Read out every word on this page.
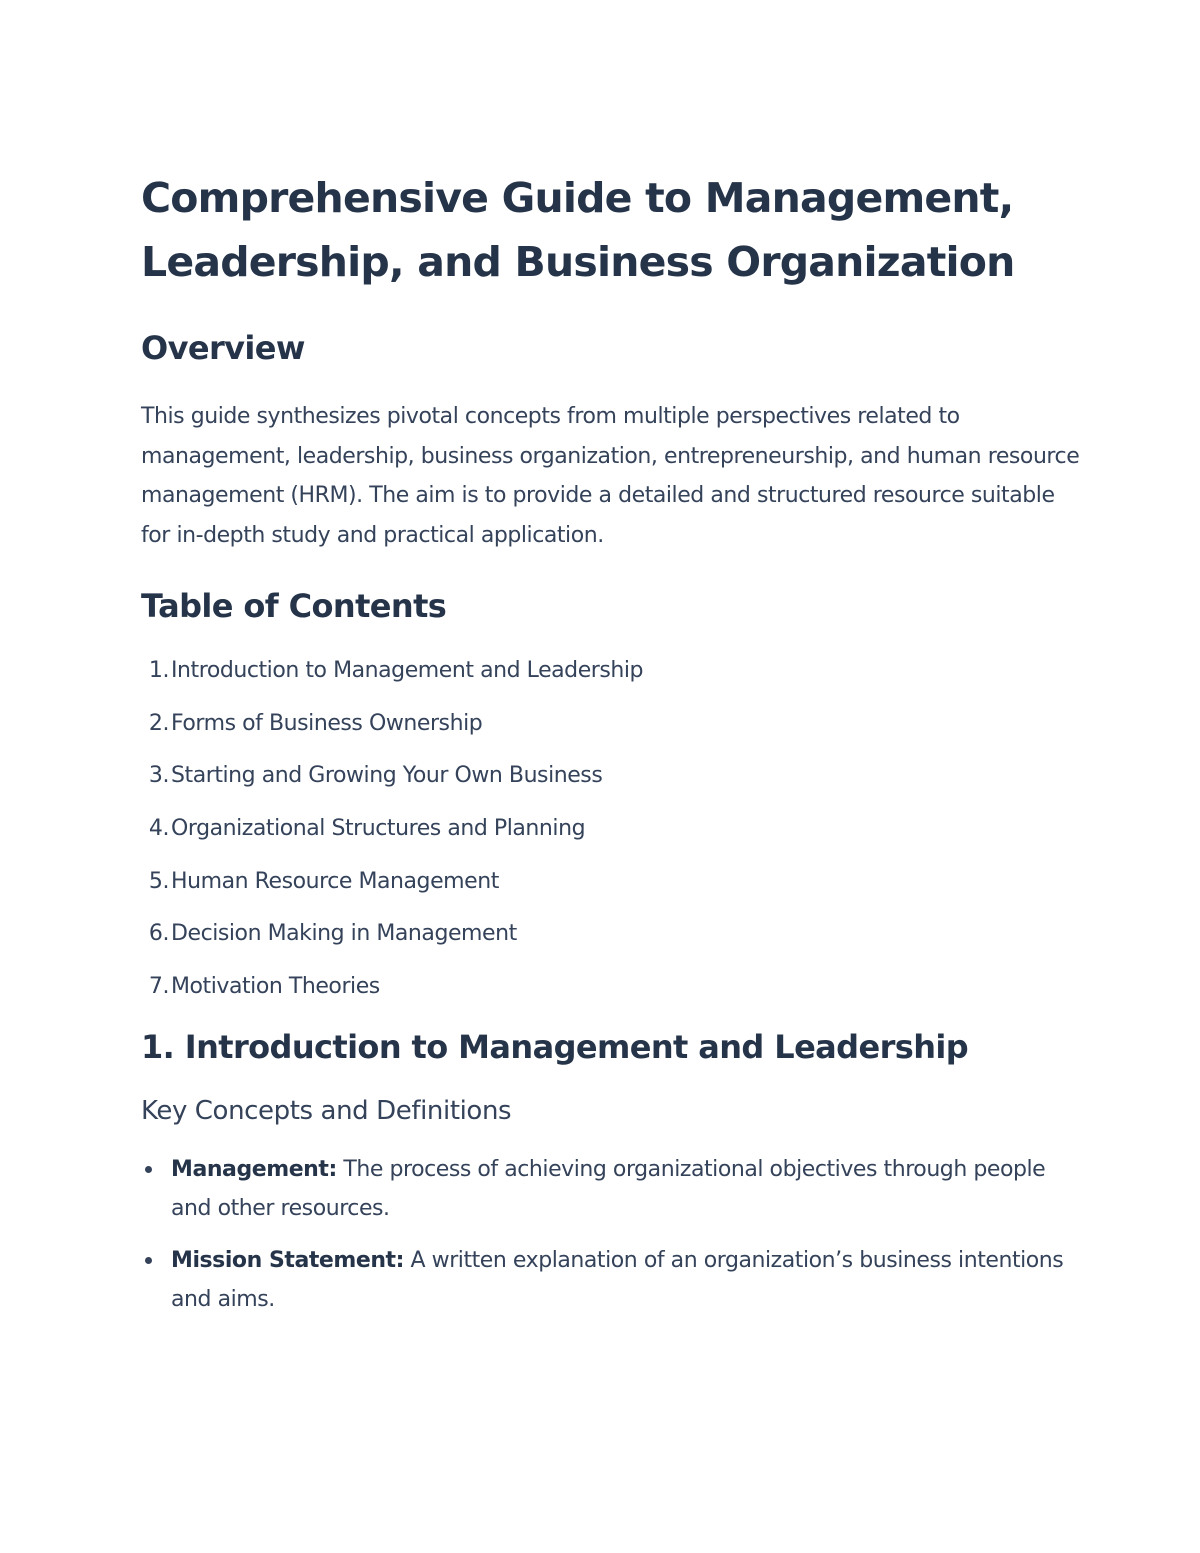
Comprehensive Guide to Management, Leadership, and Business Organization
Overview

This guide synthesizes pivotal concepts from multiple perspectives related to management, leadership, business organization, entrepreneurship, and human resource management (HRM). The aim is to provide a detailed and structured resource suitable for in-depth study and practical application.

Table of Contents
1. Introduction to Management and Leadership
2. Forms of Business Ownership
3. Starting and Growing Your Own Business
4. Organizational Structures and Planning
5. Human Resource Management
6. Decision Making in Management
7. Motivation Theories
1. Introduction to Management and Leadership
Key Concepts and Definitions
Management: The process of achieving organizational objectives through people and other resources.
Mission Statement: A written explanation of an organization’s business intentions and aims.
